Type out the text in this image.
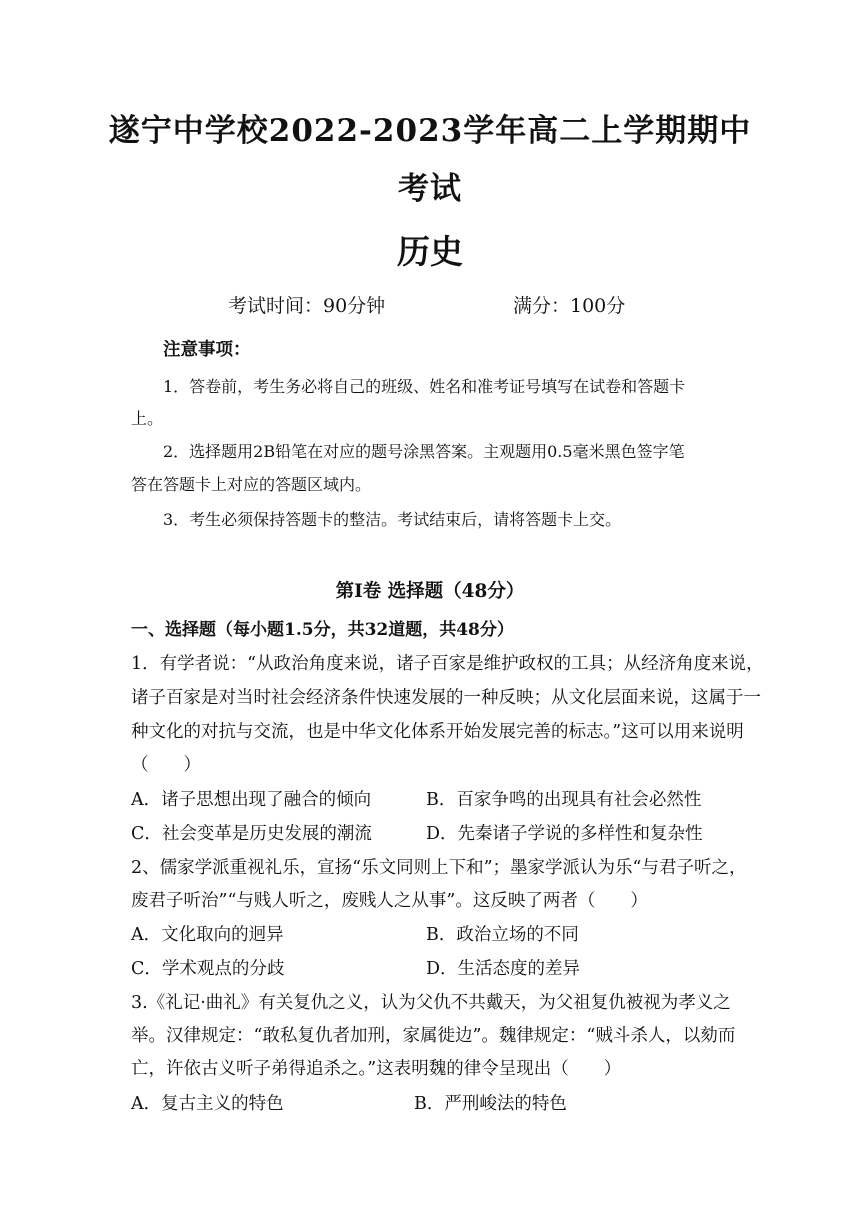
遂宁中学校2022-2023学年高二上学期期中
考试
历史
考试时间：90分钟	满分：100分
注意事项：
1．答卷前，考生务必将自己的班级、姓名和准考证号填写在试卷和答题卡
上。
2．选择题用2B铅笔在对应的题号涂黑答案。主观题用0.5毫米黑色签字笔
答在答题卡上对应的答题区域内。
3．考生必须保持答题卡的整洁。考试结束后，请将答题卡上交。
第Ⅰ卷 选择题（48分）
一、选择题（每小题1.5分，共32道题，共48分）
1．有学者说：“从政治角度来说，诸子百家是维护政权的工具；从经济角度来说，
诸子百家是对当时社会经济条件快速发展的一种反映；从文化层面来说，这属于一
种文化的对抗与交流，也是中华文化体系开始发展完善的标志。”这可以用来说明
（　　）
A．诸子思想出现了融合的倾向	B．百家争鸣的出现具有社会必然性
C．社会变革是历史发展的潮流	D．先秦诸子学说的多样性和复杂性
2、儒家学派重视礼乐，宣扬“乐文同则上下和”；墨家学派认为乐“与君子听之，
废君子听治”“与贱人听之，废贱人之从事”。这反映了两者（　　）
A．文化取向的迥异	B．政治立场的不同
C．学术观点的分歧	D．生活态度的差异
3.《礼记·曲礼》有关复仇之义，认为父仇不共戴天，为父祖复仇被视为孝义之
举。汉律规定：“敢私复仇者加刑，家属徙边”。魏律规定：“贼斗杀人，以劾而
亡，许依古义听子弟得追杀之。”这表明魏的律令呈现出（　　）
A．复古主义的特色	B．严刑峻法的特色
